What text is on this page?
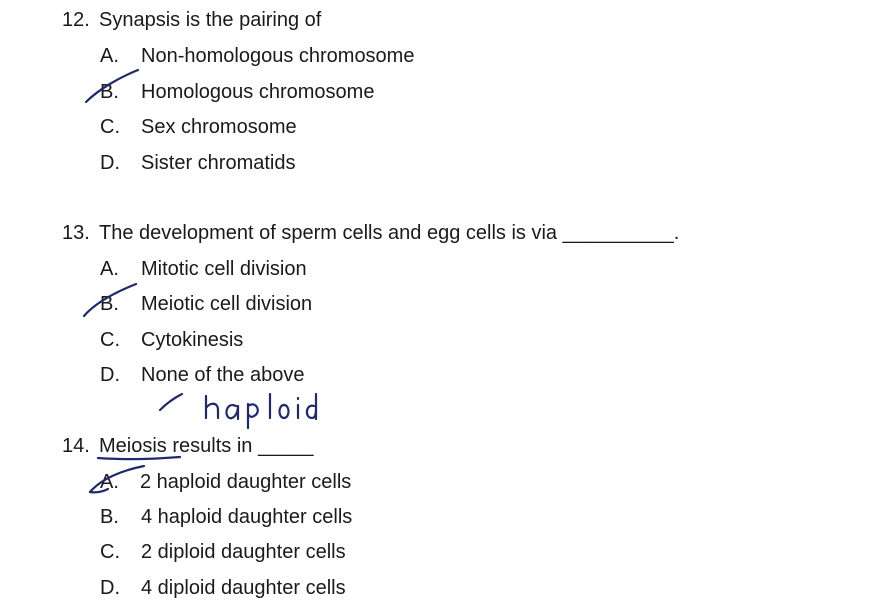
12. Synapsis is the pairing of
A. Non-homologous chromosome
B. Homologous chromosome
C. Sex chromosome
D. Sister chromatids
13. The development of sperm cells and egg cells is via __________.
A. Mitotic cell division
B. Meiotic cell division
C. Cytokinesis
D. None of the above
14. Meiosis results in _____
A. 2 haploid daughter cells
B. 4 haploid daughter cells
C. 2 diploid daughter cells
D. 4 diploid daughter cells
